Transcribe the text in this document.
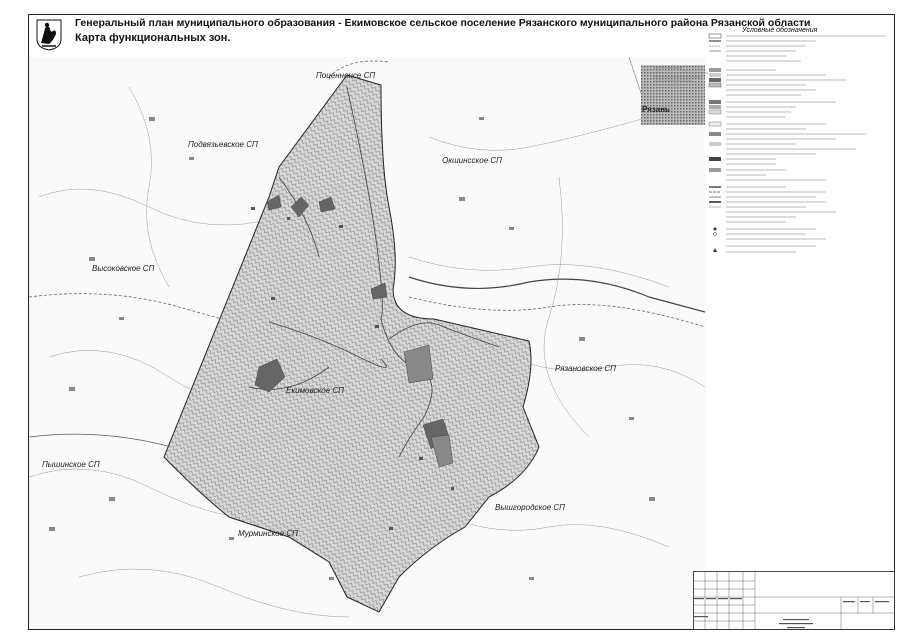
Генеральный план муниципального образования - Екимовское сельское поселение Рязанского муниципального района Рязанской области
Карта функциональных зон.
Поценнонсе СП
Подвязьевское СП
Окшинсское СП
Высоковское СП
Екимовское СП
Рязановское СП
Пышинское СП
Вышгородское СП
Мурминское СП
Рязань
Условные обозначения
